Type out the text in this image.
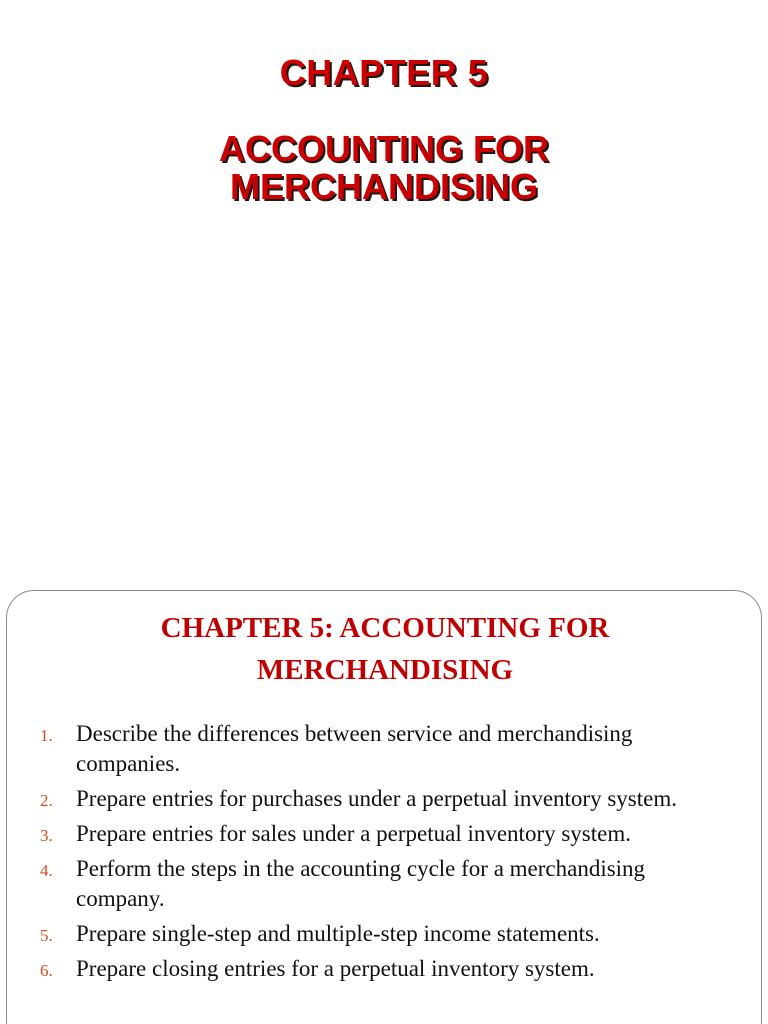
CHAPTER 5
ACCOUNTING FOR
MERCHANDISING
CHAPTER 5: ACCOUNTING FOR
MERCHANDISING
1. Describe the differences between service and merchandising companies.
2. Prepare entries for purchases under a perpetual inventory system.
3. Prepare entries for sales under a perpetual inventory system.
4. Perform the steps in the accounting cycle for a merchandising company.
5. Prepare single-step and multiple-step income statements.
6. Prepare closing entries for a perpetual inventory system.
